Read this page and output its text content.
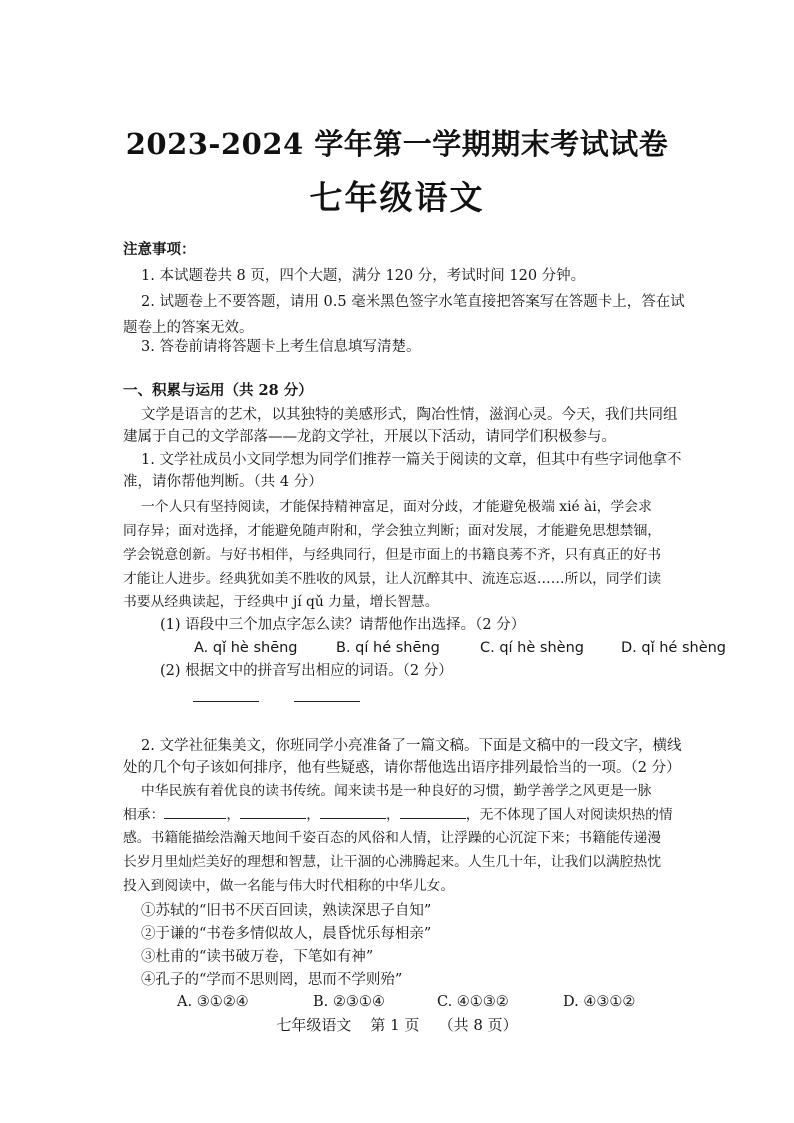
2023-2024 学年第一学期期末考试试卷
七年级语文
注意事项：
1. 本试题卷共 8 页，四个大题，满分 120 分，考试时间 120 分钟。
2. 试题卷上不要答题，请用 0.5 毫米黑色签字水笔直接把答案写在答题卡上，答在试
题卷上的答案无效。
3. 答卷前请将答题卡上考生信息填写清楚。
一、积累与运用（共 28 分）
文学是语言的艺术，以其独特的美感形式，陶冶性情，滋润心灵。今天，我们共同组
建属于自己的文学部落——龙韵文学社，开展以下活动，请同学们积极参与。
1. 文学社成员小文同学想为同学们推荐一篇关于阅读的文章，但其中有些字词他拿不
准，请你帮他判断。（共 4 分）
一个人只有坚持阅读，才能保持精神富足，面对分歧，才能避免极端 xié ài，学会求
同存异；面对选择，才能避免随声附和，学会独立判断；面对发展，才能避免思想禁锢，
学会锐意创新。与好书相伴，与经典同行，但是市面上的书籍良莠不齐，只有真正的好书
才能让人进步。经典犹如美不胜收的风景，让人沉醉其中、流连忘返……所以，同学们读
书要从经典读起，于经典中 jí qǔ 力量，增长智慧。
(1) 语段中三个加点字怎么读？请帮他作出选择。（2 分）
A. qǐ hè shēng	B. qí hé shēng	C. qí hè shèng	D. qǐ hé shèng
(2) 根据文中的拼音写出相应的词语。（2 分）
2. 文学社征集美文，你班同学小亮准备了一篇文稿。下面是文稿中的一段文字，横线
处的几个句子该如何排序，他有些疑惑，请你帮他选出语序排列最恰当的一项。（2 分）
中华民族有着优良的读书传统。闻来读书是一种良好的习惯，勤学善学之风更是一脉
相承：	，	，	，	，无不体现了国人对阅读炽热的情
感。书籍能描绘浩瀚天地间千姿百态的风俗和人情，让浮躁的心沉淀下来；书籍能传递漫
长岁月里灿烂美好的理想和智慧，让干涸的心沸腾起来。人生几十年，让我们以满腔热忱
投入到阅读中，做一名能与伟大时代相称的中华儿女。
①苏轼的“旧书不厌百回读，熟读深思子自知”
②于谦的“书卷多情似故人，晨昏忧乐每相亲”
③杜甫的“读书破万卷，下笔如有神”
④孔子的“学而不思则罔，思而不学则殆”
A. ③①②④	B. ②③①④	C. ④①③②	D. ④③①②
七年级语文 第 1 页 （共 8 页）
